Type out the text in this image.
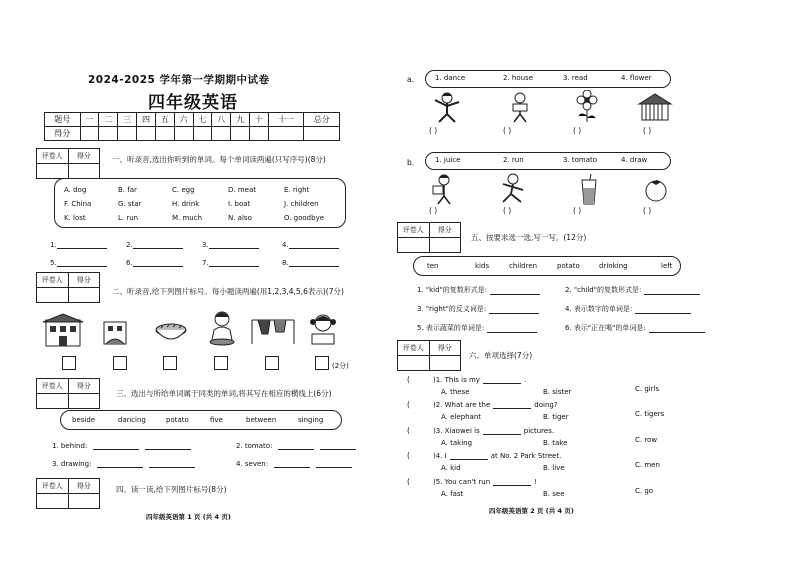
2024-2025 学年第一学期期中试卷
四年级英语
题号	一	二	三	四	五	六	七	八	九	十	十一	总分
得分												
评卷人	得分	一、听录音,选出你听到的单词。每个单词读两遍(只写序号)(8分)
评卷人	得分
二、听录音,给下列图片标号。每小题读两遍(用1,2,3,4,5,6表示)(7分)
(2分)
评卷人	得分
三、选出与所给单词属于同类的单词,将其写在相应的横线上(6分)
评卷人	得分	四、读一读,给下列图片标号(8分)
四年级英语第 1 页 (共 4 页)
A. dog	B. far	C. egg	D. meat	E. right
F. China	G. star	H. drink	I. boat	J. children
K. lost	L. run	M. much	N. also	O. goodbye
1.	2.	3.	4.
5.	6.	7.	8.
beside	dancing	potato	five	between	singing
1. behind:	2. tomato:
3. drawing:	4. seven:
a.
b.
评卷人	得分
五、按要求选一选,写一写。(12分)
评卷人	得分
六、单项选择(7分)
四年级英语第 2 页 (共 4 页)
1. dance	2. house	3. read	4. flower
1. juice	2. run	3. tomato	4. draw
( )	( )	( )	( )
( )	( )	( )	( )
ten	kids	children	potato	drinking	left
1. "kid"的复数形式是:	2. "child"的复数形式是:
3. "right"的反义词是:	4. 表示数字的单词是:
5. 表示蔬菜的单词是:	6. 表示"正在喝"的单词是:
(	)1. This is my	.
A. these	B. sister	C. girls
(	)2. What are the	doing?
A. elephant	B. tiger	C. tigers
(	)3. Xiaowei is	pictures.
A. taking	B. take	C. row
(	)4. I	at No. 2 Park Street.
A. kid	B. live	C. men
(	)5. You can't run	!
A. fast	B. see	C. go
